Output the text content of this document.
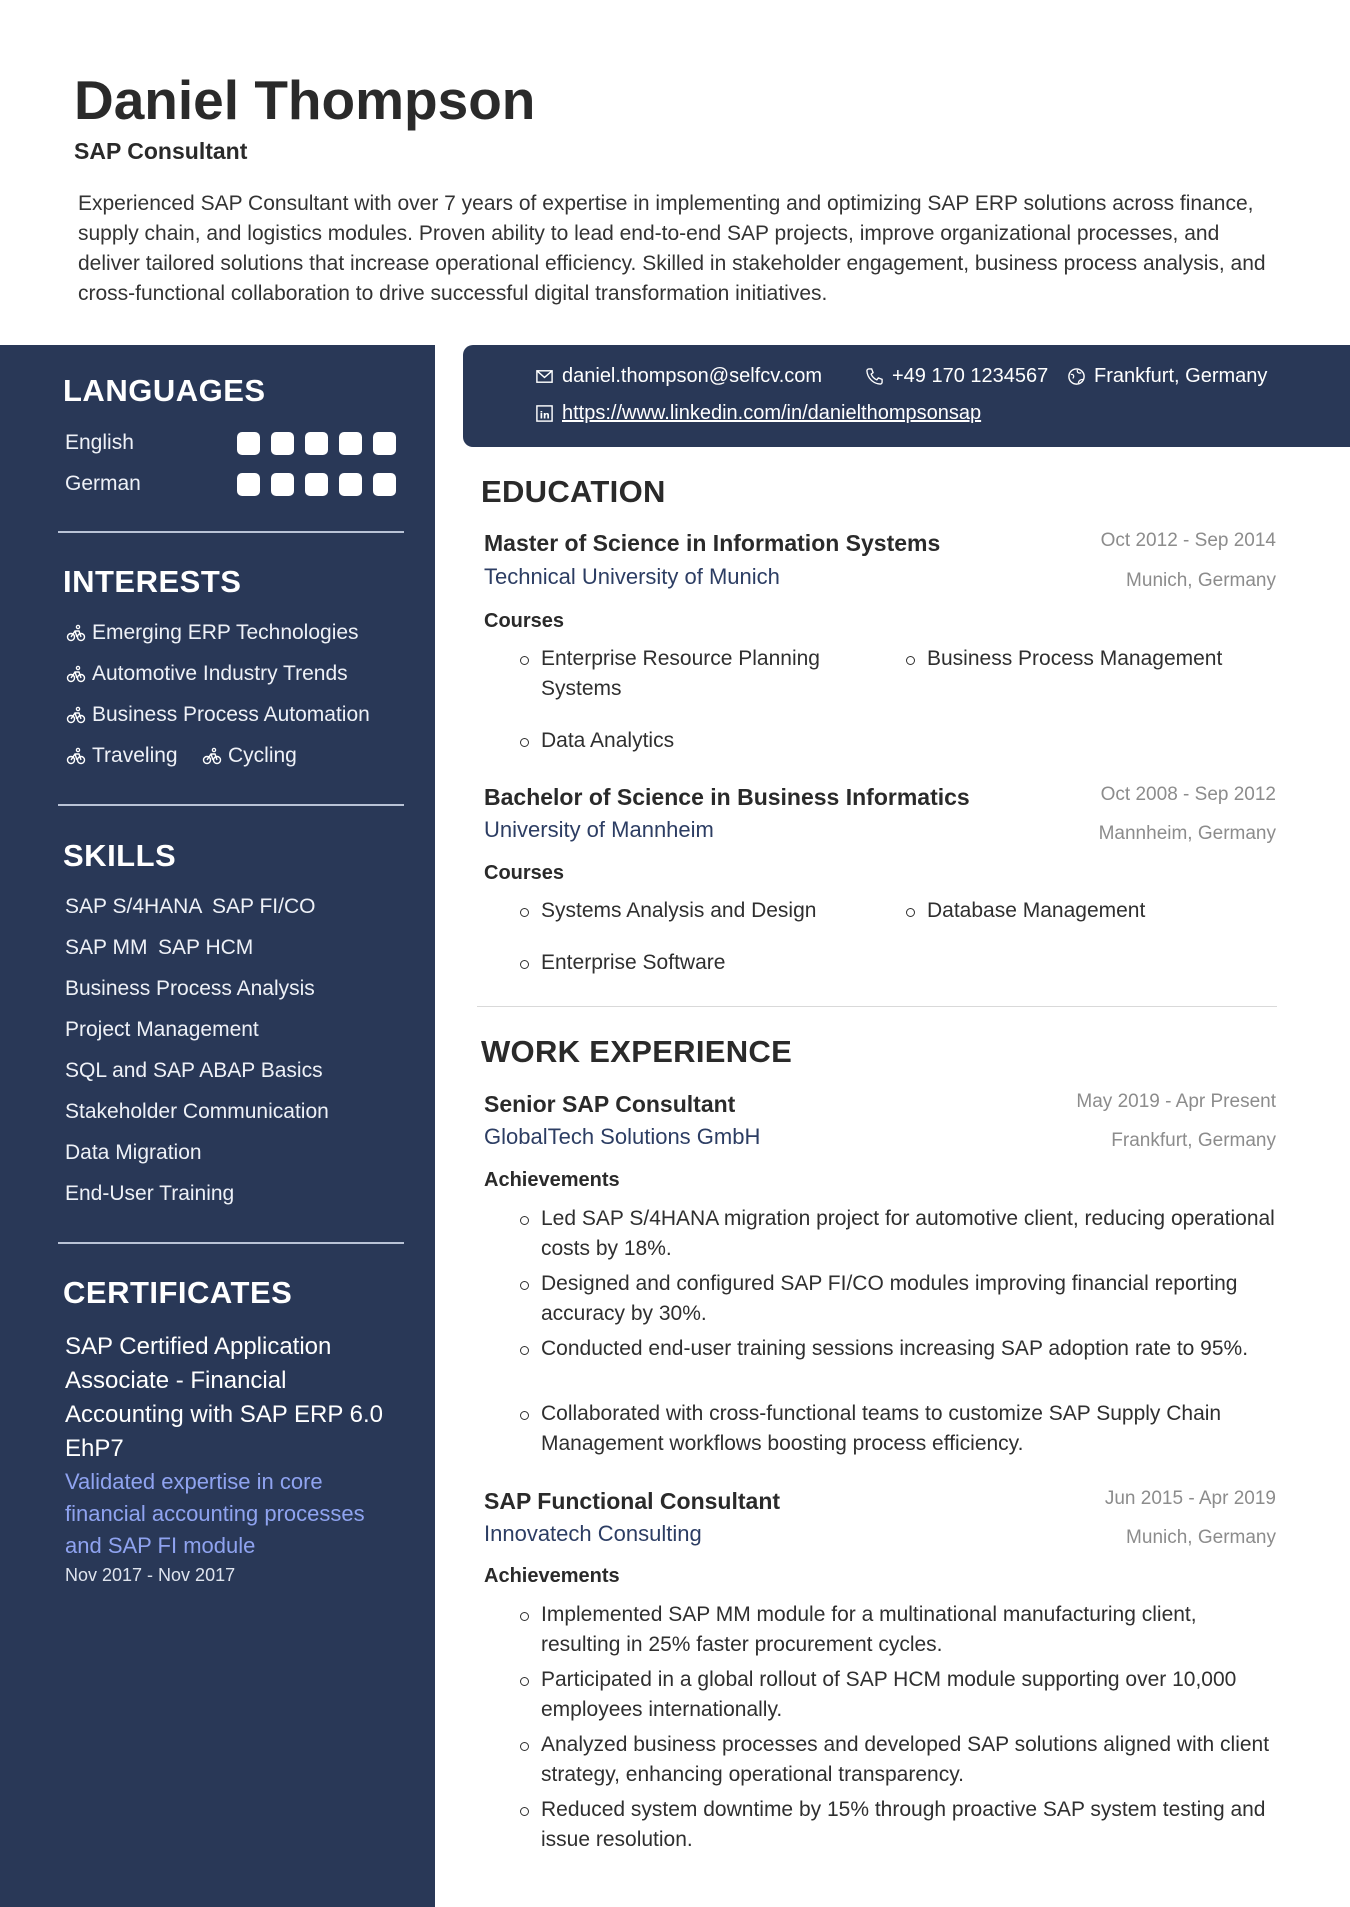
Daniel Thompson
SAP Consultant
Experienced SAP Consultant with over 7 years of expertise in implementing and optimizing SAP ERP solutions across finance, supply chain, and logistics modules. Proven ability to lead end-to-end SAP projects, improve organizational processes, and deliver tailored solutions that increase operational efficiency. Skilled in stakeholder engagement, business process analysis, and cross-functional collaboration to drive successful digital transformation initiatives.
LANGUAGES
English
German
INTERESTS
Emerging ERP Technologies
Automotive Industry Trends
Business Process Automation
Traveling Cycling
SKILLS
SAP S/4HANA SAP FI/CO
SAP MM SAP HCM
Business Process Analysis
Project Management
SQL and SAP ABAP Basics
Stakeholder Communication
Data Migration
End-User Training
CERTIFICATES
SAP Certified Application Associate - Financial Accounting with SAP ERP 6.0 EhP7
Validated expertise in core financial accounting processes and SAP FI module
Nov 2017 - Nov 2017
daniel.thompson@selfcv.com	+49 170 1234567 Frankfurt, Germany
in https://www.linkedin.com/in/danielthompsonsap
EDUCATION
Master of Science in Information Systems	Oct 2012 - Sep 2014
Technical University of Munich	Munich, Germany
Courses
Enterprise Resource Planning Systems
Business Process Management
Data Analytics
Bachelor of Science in Business Informatics	Oct 2008 - Sep 2012
University of Mannheim	Mannheim, Germany
Courses
Systems Analysis and Design	Database Management
Enterprise Software
WORK EXPERIENCE
Senior SAP Consultant	May 2019 - Apr Present
GlobalTech Solutions GmbH	Frankfurt, Germany
Achievements
Led SAP S/4HANA migration project for automotive client, reducing operational costs by 18%.
Designed and configured SAP FI/CO modules improving financial reporting accuracy by 30%.
Conducted end-user training sessions increasing SAP adoption rate to 95%.
Collaborated with cross-functional teams to customize SAP Supply Chain Management workflows boosting process efficiency.
SAP Functional Consultant	Jun 2015 - Apr 2019
Innovatech Consulting	Munich, Germany
Achievements
Implemented SAP MM module for a multinational manufacturing client, resulting in 25% faster procurement cycles.
Participated in a global rollout of SAP HCM module supporting over 10,000 employees internationally.
Analyzed business processes and developed SAP solutions aligned with client strategy, enhancing operational transparency.
Reduced system downtime by 15% through proactive SAP system testing and issue resolution.
